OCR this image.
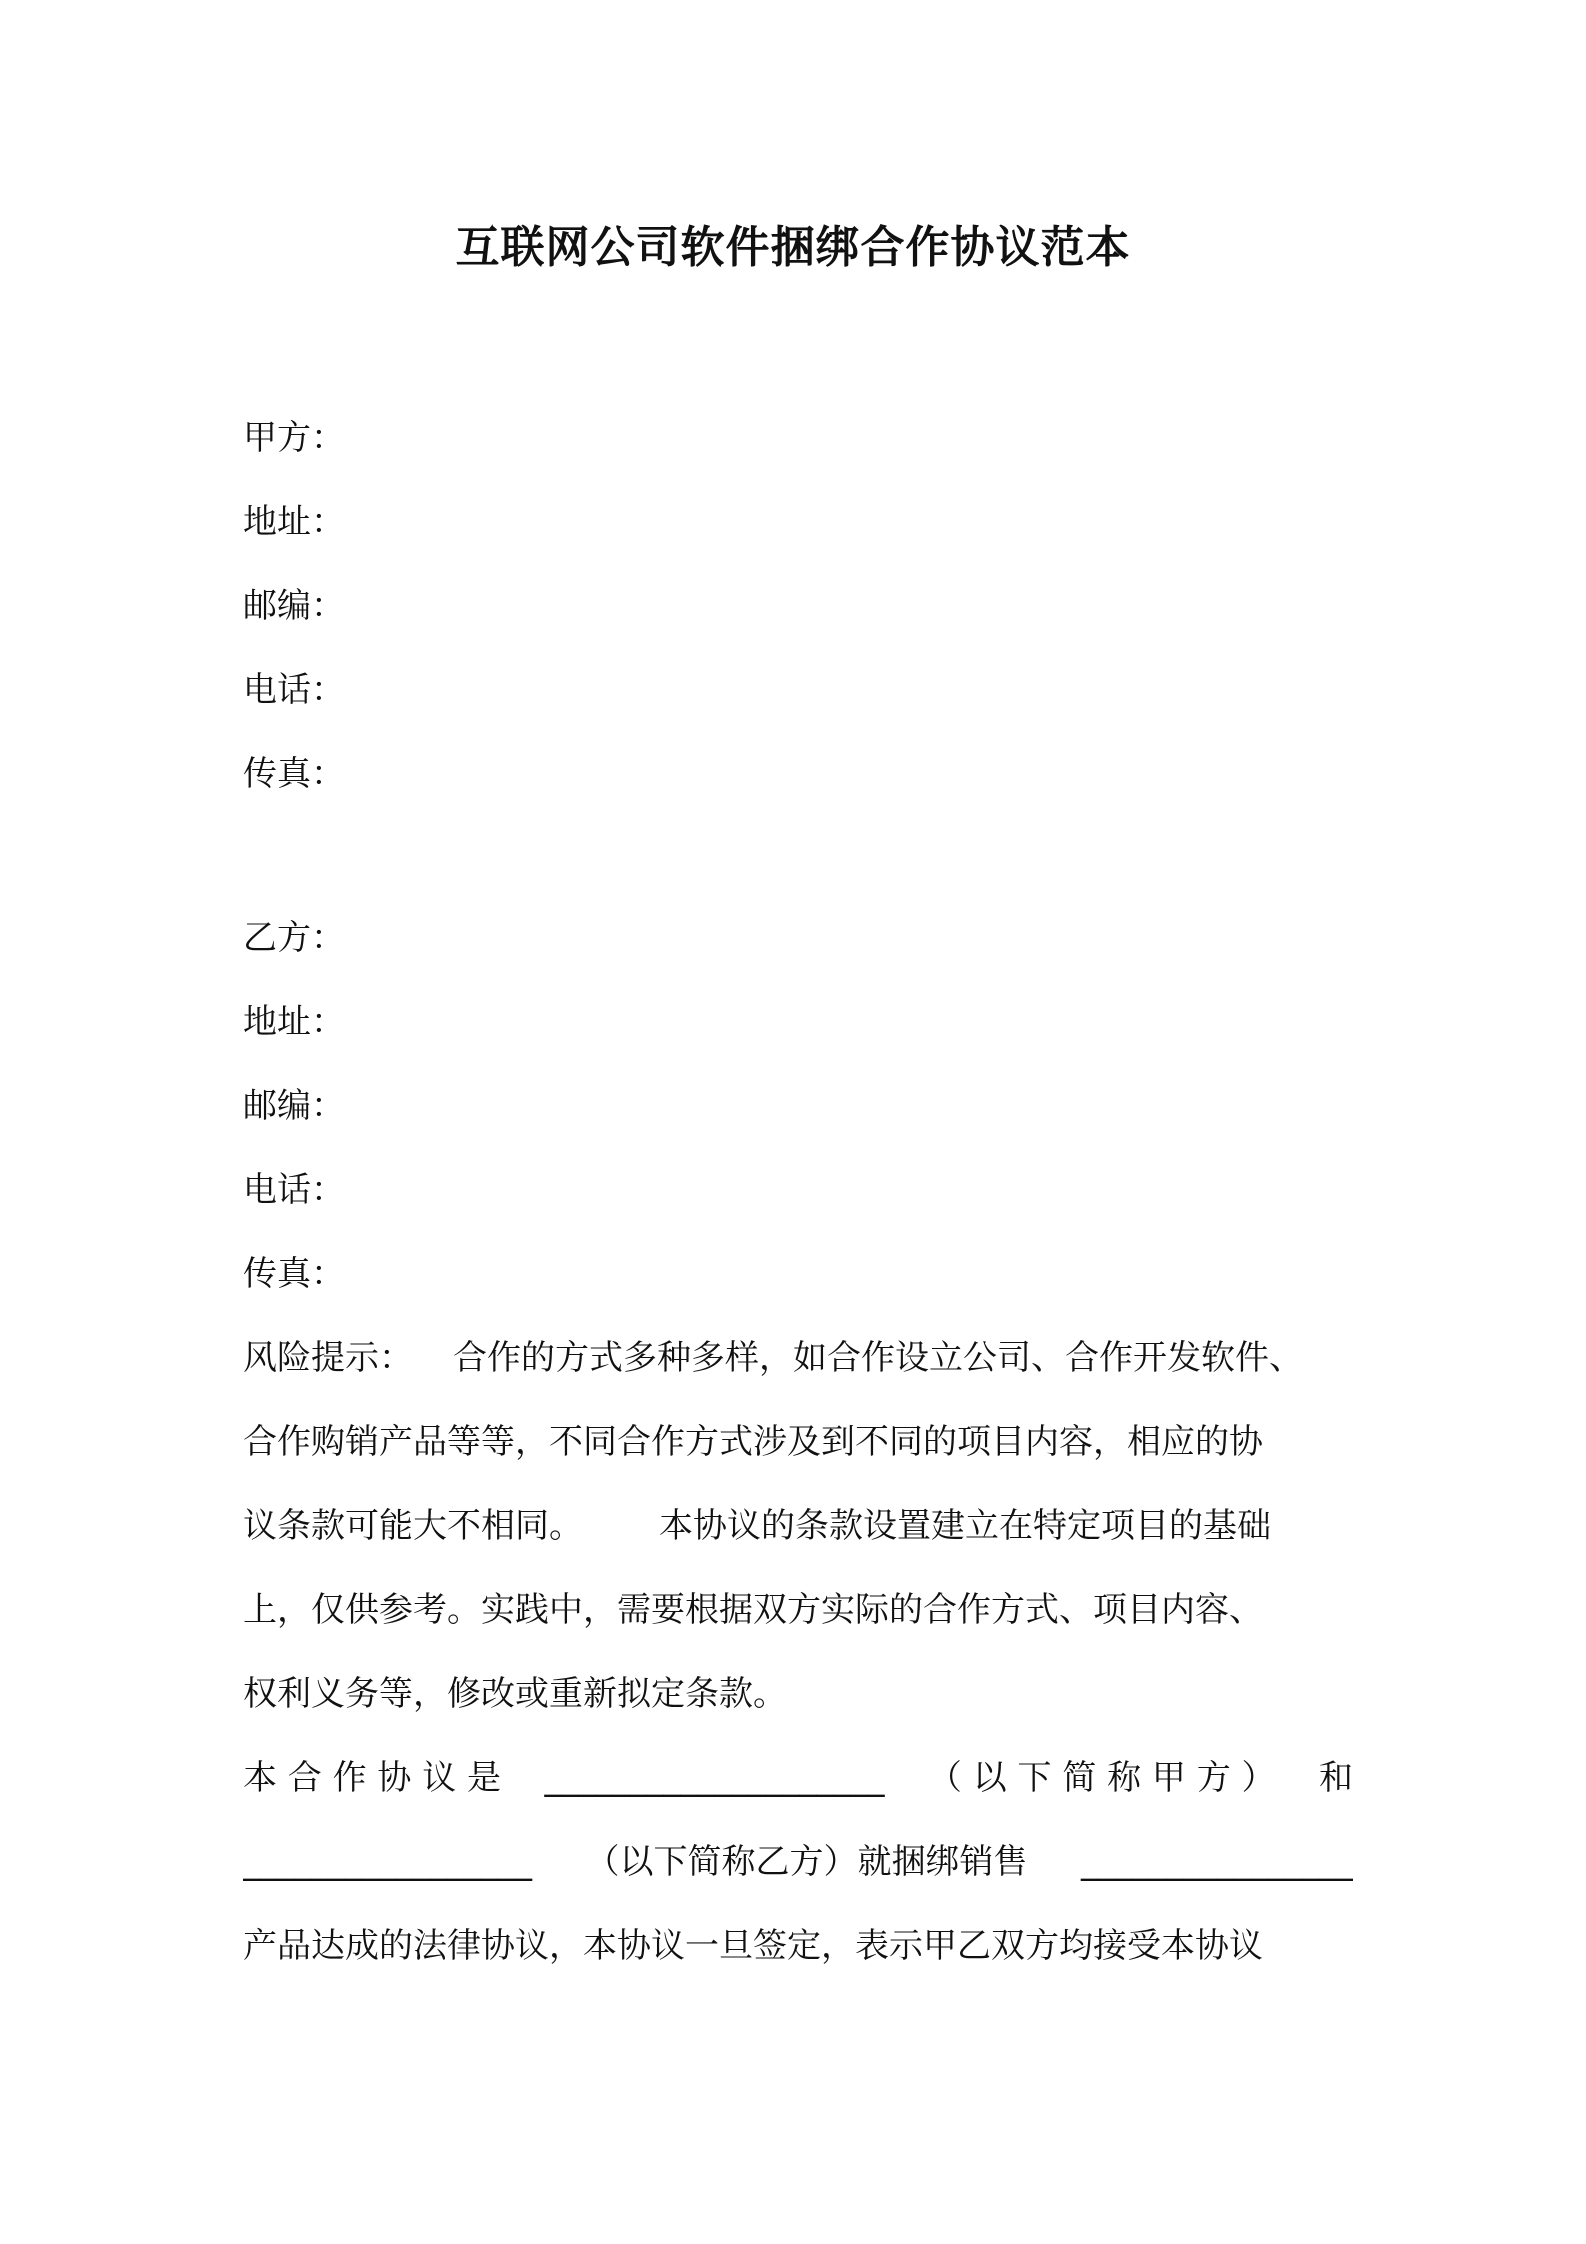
互联网公司软件捆绑合作协议范本

甲方：

地址：

邮编：

电话：

传真：

乙方：

地址：

邮编：

电话：

传真：

风险提示： 合作的方式多种多样，如合作设立公司、合作开发软件、
合作购销产品等等，不同合作方式涉及到不同的项目内容，相应的协
议条款可能大不相同。 本协议的条款设置建立在特定项目的基础
上，仅供参考。实践中，需要根据双方实际的合作方式、项目内容、
权利义务等，修改或重新拟定条款。
本 合 作 协 议 是 ____________________ （ 以 下 简 称 甲 方 ） 和
_________________ （以下简称乙方）就捆绑销售 ________________
产品达成的法律协议，本协议一旦签定，表示甲乙双方均接受本协议
